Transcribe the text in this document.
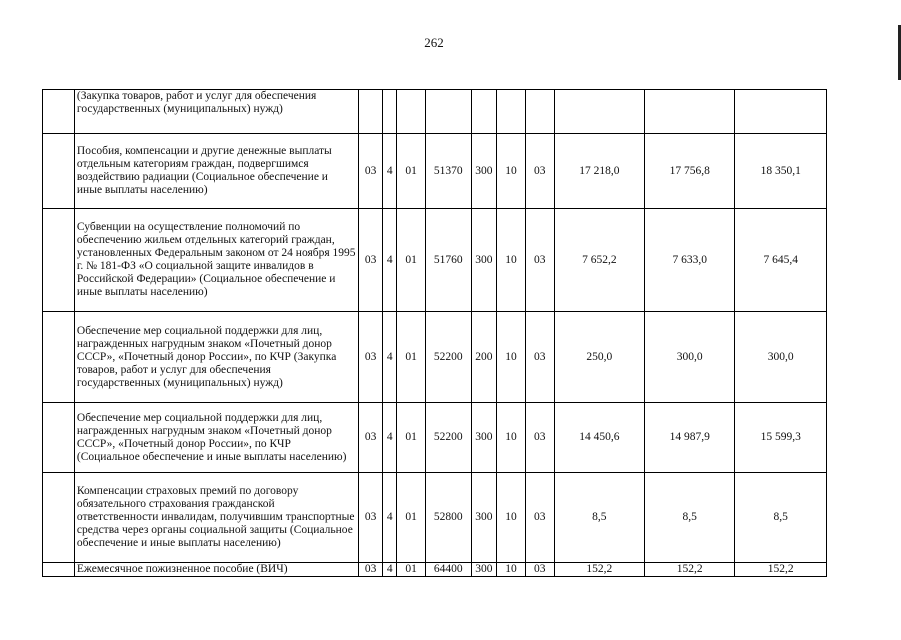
262
	(Закупка товаров, работ и услуг для обеспечения государственных (муниципальных) нужд)										
	Пособия, компенсации и другие денежные выплаты отдельным категориям граждан, подвергшимся воздействию радиации (Социальное обеспечение и иные выплаты населению)	03	4	01	51370	300	10	03	17 218,0	17 756,8	18 350,1
	Субвенции на осуществление полномочий по обеспечению жильем отдельных категорий граждан, установленных Федеральным законом от 24 ноября 1995 г. № 181-ФЗ «О социальной защите инвалидов в Российской Федерации» (Социальное обеспечение и иные выплаты населению)	03	4	01	51760	300	10	03	7 652,2	7 633,0	7 645,4
	Обеспечение мер социальной поддержки для лиц, награжденных нагрудным знаком «Почетный донор СССР», «Почетный донор России», по КЧР (Закупка товаров, работ и услуг для обеспечения государственных (муниципальных) нужд)	03	4	01	52200	200	10	03	250,0	300,0	300,0
	Обеспечение мер социальной поддержки для лиц, награжденных нагрудным знаком «Почетный донор СССР», «Почетный донор России», по КЧР (Социальное обеспечение и иные выплаты населению)	03	4	01	52200	300	10	03	14 450,6	14 987,9	15 599,3
	Компенсации страховых премий по договору обязательного страхования гражданской ответственности инвалидам, получившим транспортные средства через органы социальной защиты (Социальное обеспечение и иные выплаты населению)	03	4	01	52800	300	10	03	8,5	8,5	8,5
	Ежемесячное пожизненное пособие (ВИЧ)	03	4	01	64400	300	10	03	152,2	152,2	152,2
